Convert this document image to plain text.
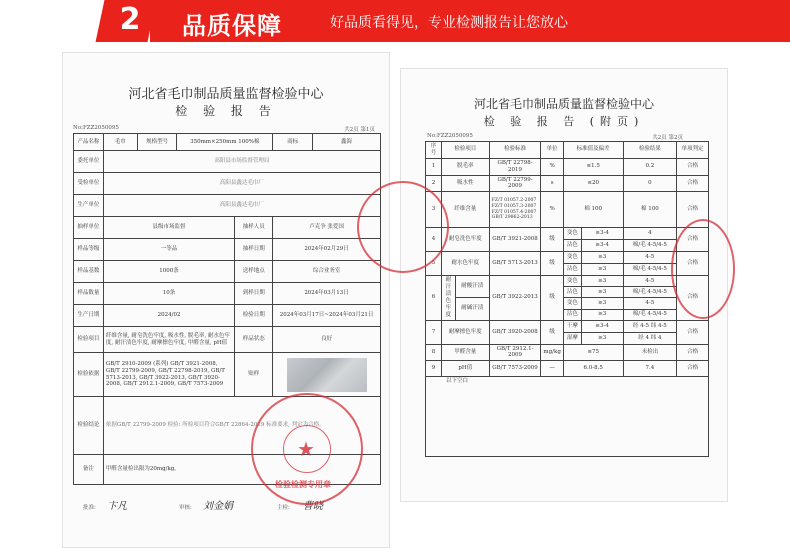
2	品质保障	好品质看得见，专业检测报告让您放心
河北省毛巾制品质量监督检验中心
检 验 报 告
No:FZZ2050095	共2页 第1页
产品名称	毛巾	规格型号	350mm×250mm 100%棉		商标	鑫海
委托单位	高阳县市场监督管理局					
受检单位	高阳县鑫达毛巾厂					
生产单位	高阳县鑫达毛巾厂					
抽样单位	县级市场监督			抽样人员	卢克争 张爱国	
样品等级	一等品			抽样日期	2024年02月29日	
样品基数	1000条			送样地点	综合业务室	
样品数量	10条			到样日期	2024年03月13日	
生产日期	2024/02			检验日期	2024年03月17日~2024年03月21日	
检验项目	纤维含量, 耐皂洗色牢度, 吸水性, 脱毛率, 耐水色牢度, 耐汗渍色牢度, 耐摩擦色牢度, 甲醛含量, pH值			样品状态	良好	
检验依据	GB/T 2910-2009 (系列) GB/T 3921-2008, GB/T 22799-2009, GB/T 22798-2019, GB/T 5713-2013, GB/T 3922-2013, GB/T 3920-2008, GB/T 2912.1-2009, GB/T 7573-2009			贴样		

检验结论	依据GB/T 22799-2009 检验: 所检项目符合GB/T 22864-2019 标准要求, 判定为合格。					
备注	甲醛含量检出限为20mg/kg。					
批准: 卞凡	审核: 刘金娟	主检: 曹晓
检验检测专用章
★
河北省毛巾制品质量监督检验中心
检 验 报 告 (附页)
No:FZZ2050095	共2页 第2页
序号	检验项目		检验标准	单位	标准值及偏差		检验结果	单项判定
1	脱毛率		GB/T 22798-2019	%	≤1.5		0.2	合格
2	吸水性		GB/T 22799-2009	s	≤20		0	合格
3	纤维含量		FZ/T 01057.2-2007 FZ/T 01057.3-2007 FZ/T 01057.4-2007 GB/T 29862-2013	%	棉 100		棉 100	合格
4	耐皂洗色牢度		GB/T 3921-2008	级	变色	≥3-4	4	合格
					沾色	≥3-4	棉/毛 4-5/4-5	
5	耐水色牢度		GB/T 5713-2013	级	变色	≥3	4-5	合格
					沾色	≥3	棉/毛 4-5/4-5	
6	耐汗渍色牢度	耐酸汗渍	GB/T 3922-2013	级	变色	≥3	4-5	合格
					沾色	≥3	棉/毛 4-5/4-5	
		耐碱汗渍			变色	≥3	4-5	
					沾色	≥3	棉/毛 4-5/4-5	
7	耐摩擦色牢度		GB/T 3920-2008	级	干摩	≥3-4	经 4-5 纬 4-5	合格
					湿摩	≥3	经 4 纬 4	
8	甲醛含量		GB/T 2912.1-2009	mg/kg	≤75		未检出	合格
9	pH值		GB/T 7573-2009	—	6.0-8.5		7.4	合格
以下空白								
